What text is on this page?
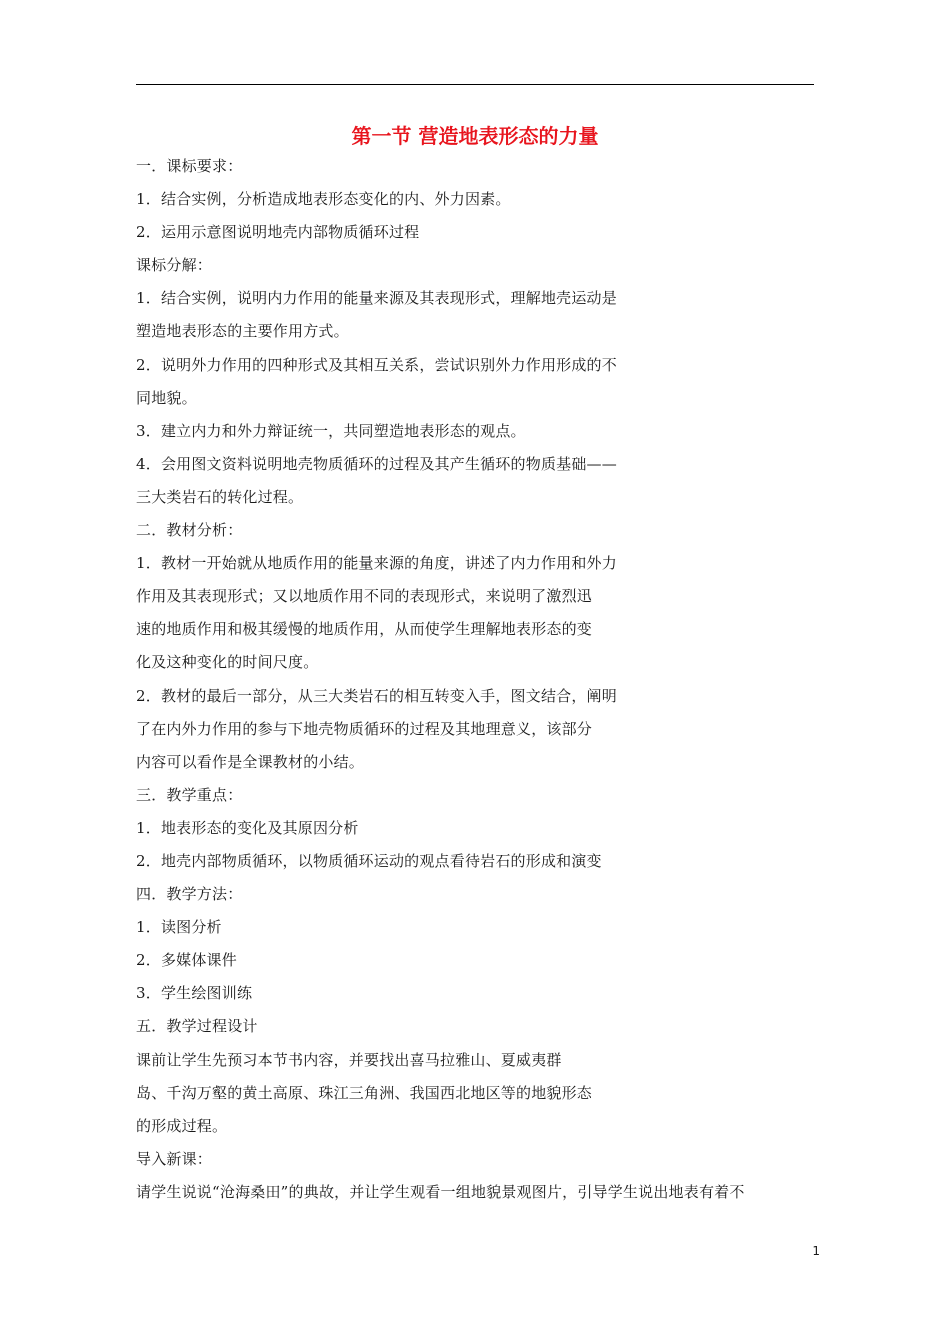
第一节 营造地表形态的力量
一．课标要求：
1．结合实例，分析造成地表形态变化的内、外力因素。
2．运用示意图说明地壳内部物质循环过程
课标分解：
1．结合实例，说明内力作用的能量来源及其表现形式，理解地壳运动是
塑造地表形态的主要作用方式。
2．说明外力作用的四种形式及其相互关系，尝试识别外力作用形成的不
同地貌。
3．建立内力和外力辩证统一，共同塑造地表形态的观点。
4．会用图文资料说明地壳物质循环的过程及其产生循环的物质基础——
三大类岩石的转化过程。
二．教材分析：
1．教材一开始就从地质作用的能量来源的角度，讲述了内力作用和外力
作用及其表现形式；又以地质作用不同的表现形式，来说明了激烈迅
速的地质作用和极其缓慢的地质作用，从而使学生理解地表形态的变
化及这种变化的时间尺度。
2．教材的最后一部分，从三大类岩石的相互转变入手，图文结合，阐明
了在内外力作用的参与下地壳物质循环的过程及其地理意义，该部分
内容可以看作是全课教材的小结。
三．教学重点：
1．地表形态的变化及其原因分析
2．地壳内部物质循环，以物质循环运动的观点看待岩石的形成和演变
四．教学方法：
1．读图分析
2．多媒体课件
3．学生绘图训练
五．教学过程设计
课前让学生先预习本节书内容，并要找出喜马拉雅山、夏威夷群
岛、千沟万壑的黄土高原、珠江三角洲、我国西北地区等的地貌形态
的形成过程。
导入新课：
请学生说说“沧海桑田”的典故，并让学生观看一组地貌景观图片，引导学生说出地表有着不
1
